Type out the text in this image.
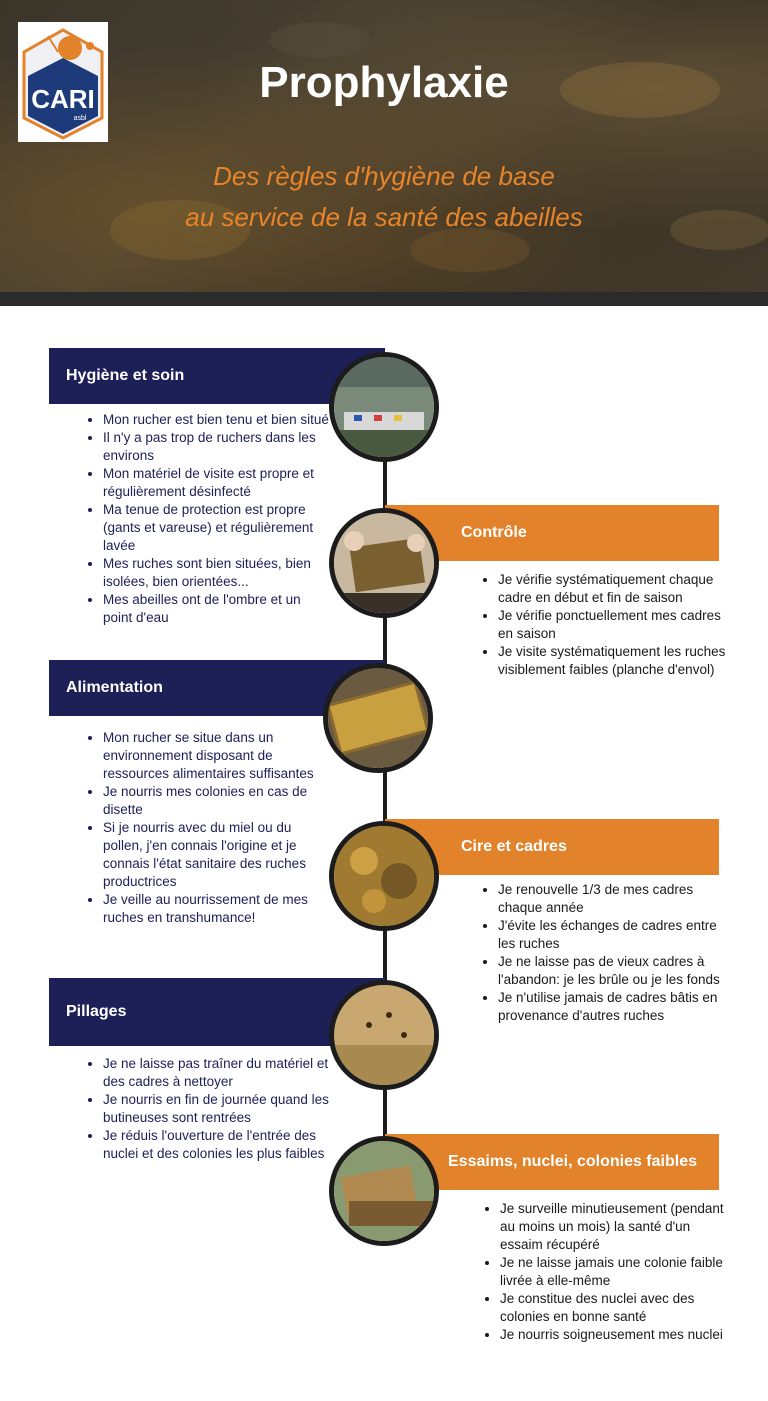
CARI
asbl
Prophylaxie
Des règles d'hygiène de base
au service de la santé des abeilles
Hygiène et soin
• Mon rucher est bien tenu et bien situé
• Il n'y a pas trop de ruchers dans les environs
• Mon matériel de visite est propre et régulièrement désinfecté
• Ma tenue de protection est propre (gants et vareuse) et régulièrement lavée
• Mes ruches sont bien situées, bien isolées, bien orientées...
• Mes abeilles ont de l'ombre et un point d'eau
Contrôle
• Je vérifie systématiquement chaque cadre en début et fin de saison
• Je vérifie ponctuellement mes cadres en saison
• Je visite systématiquement les ruches visiblement faibles (planche d'envol)
Alimentation
• Mon rucher se situe dans un environnement disposant de ressources alimentaires suffisantes
• Je nourris mes colonies en cas de disette
• Si je nourris avec du miel ou du pollen, j'en connais l'origine et je connais l'état sanitaire des ruches productrices
• Je veille au nourrissement de mes ruches en transhumance!
Cire et cadres
• Je renouvelle 1/3 de mes cadres chaque année
• J'évite les échanges de cadres entre les ruches
• Je ne laisse pas de vieux cadres à l'abandon: je les brûle ou je les fonds
• Je n'utilise jamais de cadres bâtis en provenance d'autres ruches
Pillages
• Je ne laisse pas traîner du matériel et des cadres à nettoyer
• Je nourris en fin de journée quand les butineuses sont rentrées
• Je réduis l'ouverture de l'entrée des nuclei et des colonies les plus faibles	Essaims, nuclei, colonies faibles
• Je surveille minutieusement (pendant au moins un mois) la santé d'un essaim récupéré
• Je ne laisse jamais une colonie faible livrée à elle-même
• Je constitue des nuclei avec des colonies en bonne santé
• Je nourris soigneusement mes nuclei
